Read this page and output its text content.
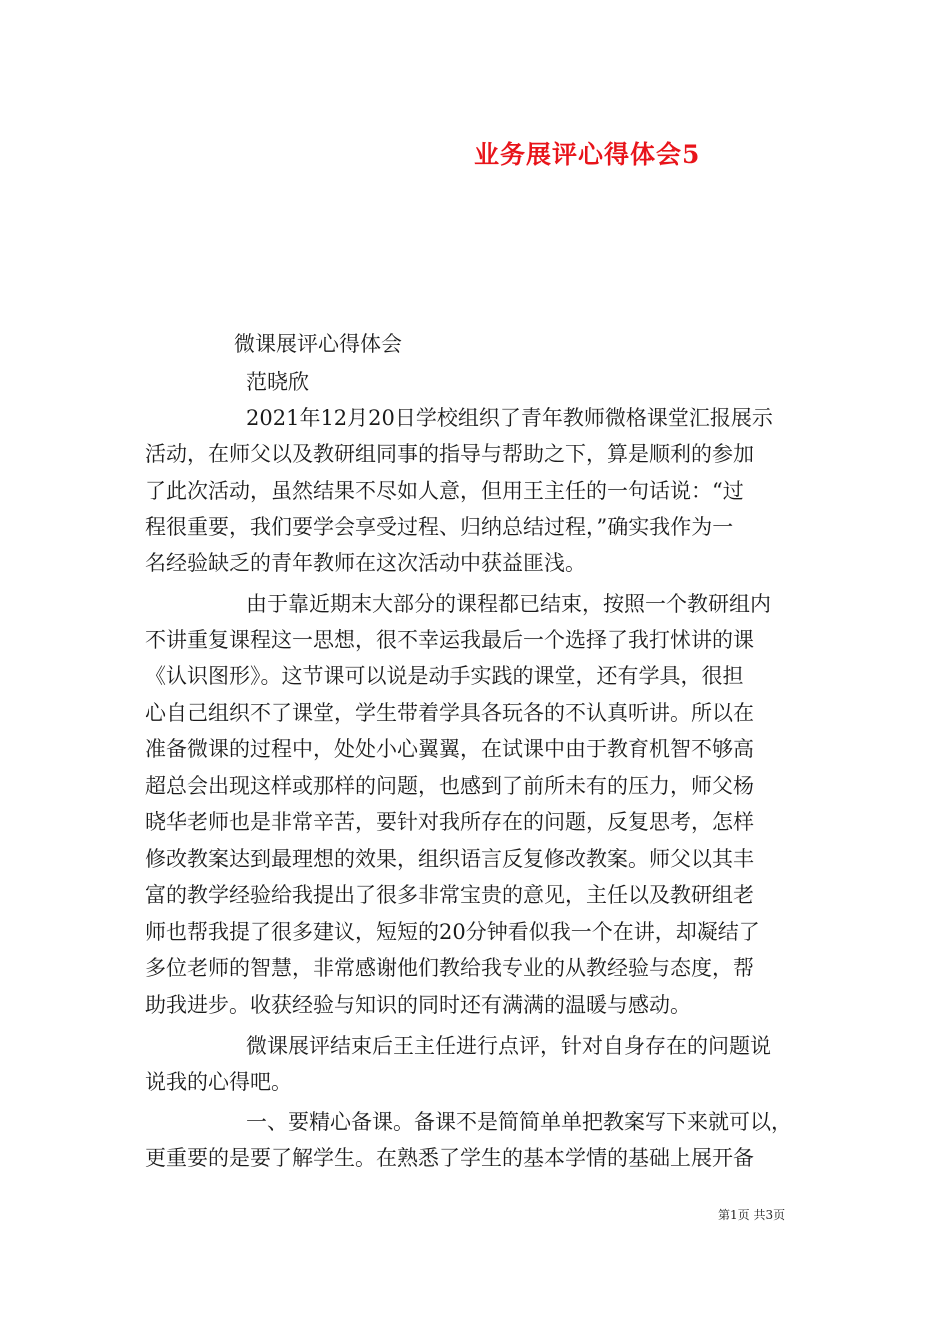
业务展评心得体会5
微课展评心得体会
范晓欣
2021年12月20日学校组织了青年教师微格课堂汇报展示
活动，在师父以及教研组同事的指导与帮助之下，算是顺利的参加
了此次活动，虽然结果不尽如人意，但用王主任的一句话说：“过
程很重要，我们要学会享受过程、归纳总结过程，”确实我作为一
名经验缺乏的青年教师在这次活动中获益匪浅。
由于靠近期末大部分的课程都已结束，按照一个教研组内
不讲重复课程这一思想，很不幸运我最后一个选择了我打怵讲的课
《认识图形》。这节课可以说是动手实践的课堂，还有学具，很担
心自己组织不了课堂，学生带着学具各玩各的不认真听讲。所以在
准备微课的过程中，处处小心翼翼，在试课中由于教育机智不够高
超总会出现这样或那样的问题，也感到了前所未有的压力，师父杨
晓华老师也是非常辛苦，要针对我所存在的问题，反复思考，怎样
修改教案达到最理想的效果，组织语言反复修改教案。师父以其丰
富的教学经验给我提出了很多非常宝贵的意见，主任以及教研组老
师也帮我提了很多建议，短短的20分钟看似我一个在讲，却凝结了
多位老师的智慧，非常感谢他们教给我专业的从教经验与态度，帮
助我进步。收获经验与知识的同时还有满满的温暖与感动。
微课展评结束后王主任进行点评，针对自身存在的问题说
说我的心得吧。
一、要精心备课。备课不是简简单单把教案写下来就可以，
更重要的是要了解学生。在熟悉了学生的基本学情的基础上展开备
第1页 共3页
